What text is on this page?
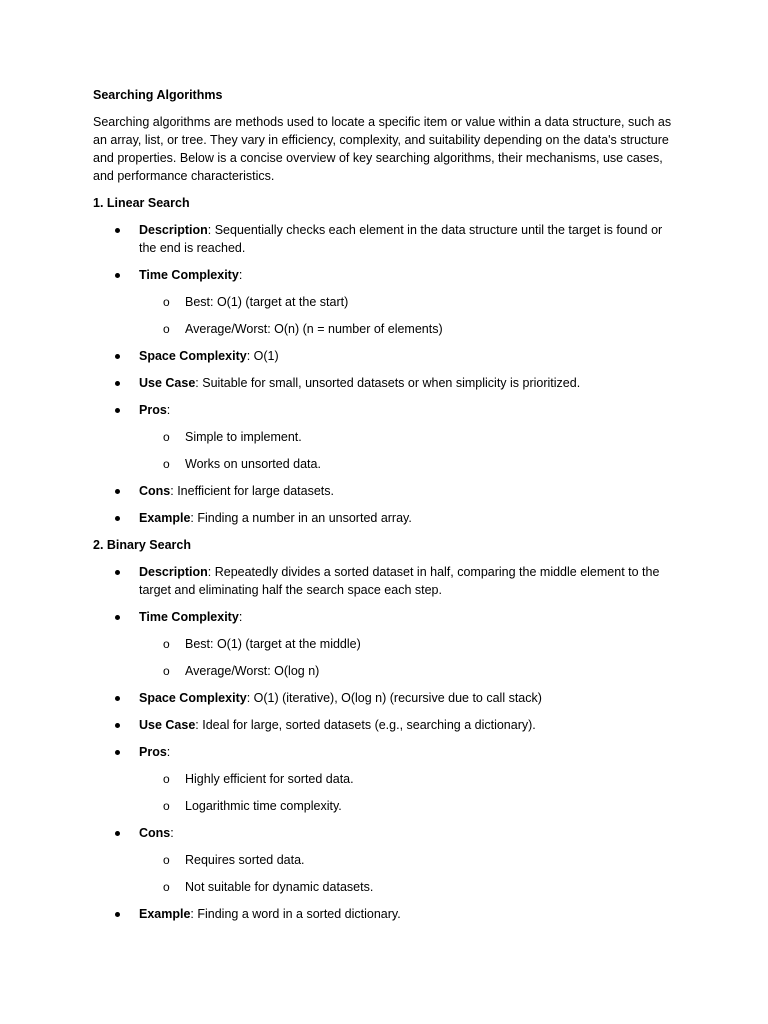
Searching Algorithms

Searching algorithms are methods used to locate a specific item or value within a data structure, such as an array, list, or tree. They vary in efficiency, complexity, and suitability depending on the data's structure and properties. Below is a concise overview of key searching algorithms, their mechanisms, use cases, and performance characteristics.

1. Linear Search

Description: Sequentially checks each element in the data structure until the target is found or the end is reached.
Time Complexity:
o Best: O(1) (target at the start)
o Average/Worst: O(n) (n = number of elements)
Space Complexity: O(1)
Use Case: Suitable for small, unsorted datasets or when simplicity is prioritized.
Pros:
o Simple to implement.
o Works on unsorted data.
Cons: Inefficient for large datasets.
Example: Finding a number in an unsorted array.

2. Binary Search

Description: Repeatedly divides a sorted dataset in half, comparing the middle element to the target and eliminating half the search space each step.
Time Complexity:
o Best: O(1) (target at the middle)
o Average/Worst: O(log n)
Space Complexity: O(1) (iterative), O(log n) (recursive due to call stack)
Use Case: Ideal for large, sorted datasets (e.g., searching a dictionary).
Pros:
o Highly efficient for sorted data.
o Logarithmic time complexity.
Cons:
o Requires sorted data.
o Not suitable for dynamic datasets.
Example: Finding a word in a sorted dictionary.
